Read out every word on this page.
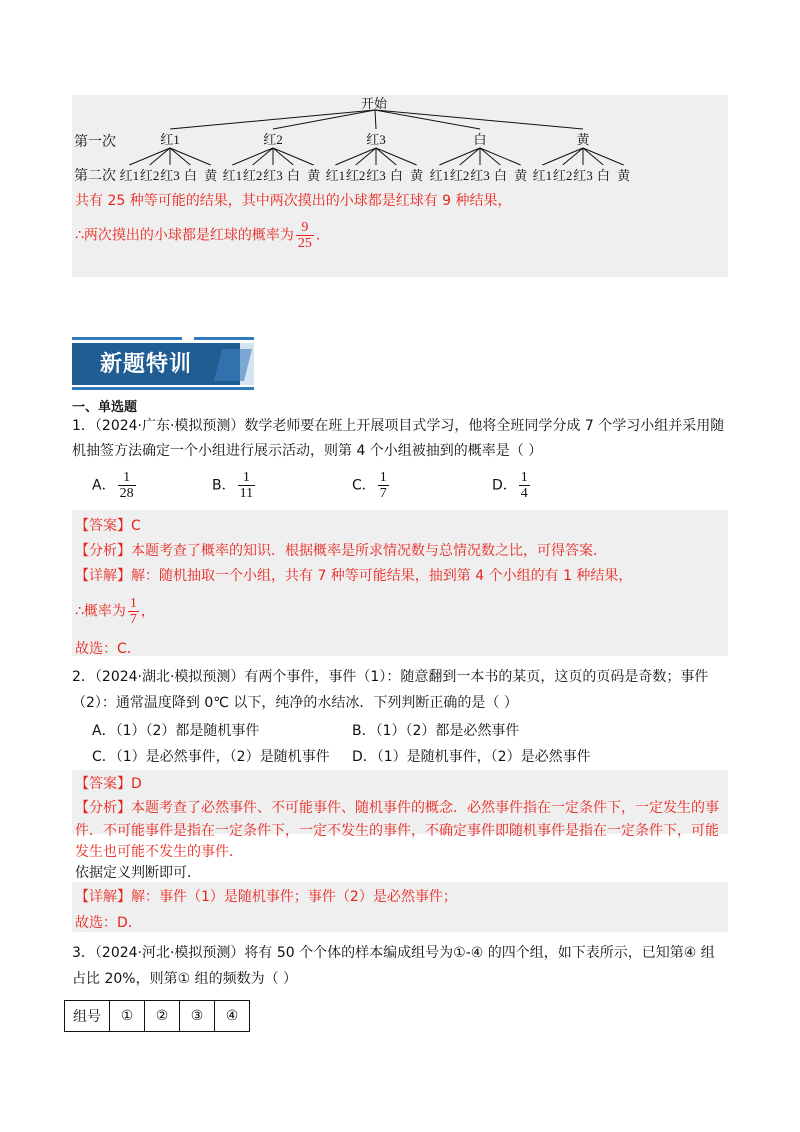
开始
第一次
第二次
红1
红1 红2 红3 白 黄
红2
红1 红2 红3 白 黄
红3
红1 红2 红3 白 黄
白
红1 红2 红3 白 黄
黄
红1 红2 红3 白 黄
共有 25 种等可能的结果，其中两次摸出的小球都是红球有 9 种结果，
∴两次摸出的小球都是红球的概率为 $\frac{9}{25}$ .
新题特训
一、单选题
1．（2024·广东·模拟预测）数学老师要在班上开展项目式学习，他将全班同学分成 7 个学习小组并采用随
机抽签方法确定一个小组进行展示活动，则第 4 个小组被抽到的概率是（ ）
A． $\frac{1}{28}$	B． $\frac{1}{11}$	C． $\frac{1}{7}$	D． $\frac{1}{4}$
【答案】C
【分析】本题考查了概率的知识．根据概率是所求情况数与总情况数之比，可得答案．
【详解】解：随机抽取一个小组，共有 7 种等可能结果，抽到第 4 个小组的有 1 种结果，
∴概率为 $\frac{1}{7}$ ，
故选：C．
2．（2024·湖北·模拟预测）有两个事件，事件（1）：随意翻到一本书的某页，这页的页码是奇数；事件
（2）：通常温度降到 0℃ 以下，纯净的水结冰．下列判断正确的是（ ）
A．（1）（2）都是随机事件	B．（1）（2）都是必然事件
C．（1）是必然事件，（2）是随机事件 D．（1）是随机事件，（2）是必然事件
【答案】D
【分析】本题考查了必然事件、不可能事件、随机事件的概念．必然事件指在一定条件下，一定发生的事
件．不可能事件是指在一定条件下，一定不发生的事件，不确定事件即随机事件是指在一定条件下，可能
发生也可能不发生的事件．
依据定义判断即可．
【详解】解：事件（1）是随机事件；事件（2）是必然事件；
故选：D．
3．（2024·河北·模拟预测）将有 50 个个体的样本编成组号为①-④ 的四个组，如下表所示，已知第④ 组
占比 20%，则第① 组的频数为（ ）
组号	①	②	③	④
